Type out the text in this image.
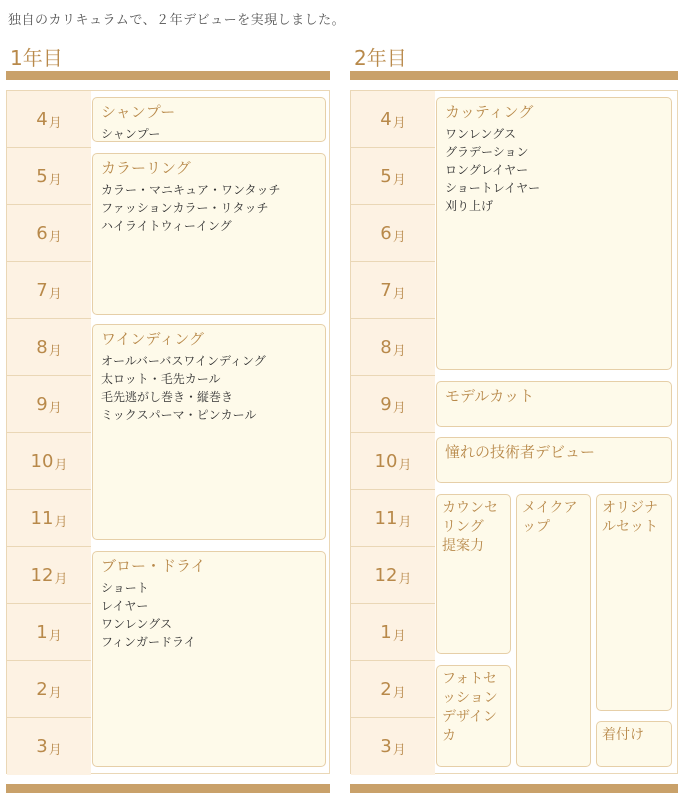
独自のカリキュラムで、２年デビューを実現しました。
1年目
4 月
5 月
6 月
7 月
8 月
9 月
10 月
11 月
12 月
1 月
2 月
3 月
シャンプー
シャンプー
カラーリング
カラー・マニキュア・ワンタッチ
ファッションカラー・リタッチ
ハイライトウィーイング
ワインディング
オールバーバスワインディング
太ロット・毛先カール
毛先逃がし巻き・縦巻き
ミックスパーマ・ピンカール
ブロー・ドライ
ショート
レイヤー
ワンレングス
フィンガードライ
2年目
4 月
5 月
6 月
7 月
8 月
9 月
10 月
11 月
12 月
1 月
2 月
3 月
カッティング
ワンレングス
グラデーション
ロングレイヤー
ショートレイヤー
刈り上げ
モデルカット
憧れの技術者デビュー
カウンセ
リング
提案力
メイクア
ップ
オリジナ
ルセット
フォトセ
ッション
デザイン
カ	着付け
